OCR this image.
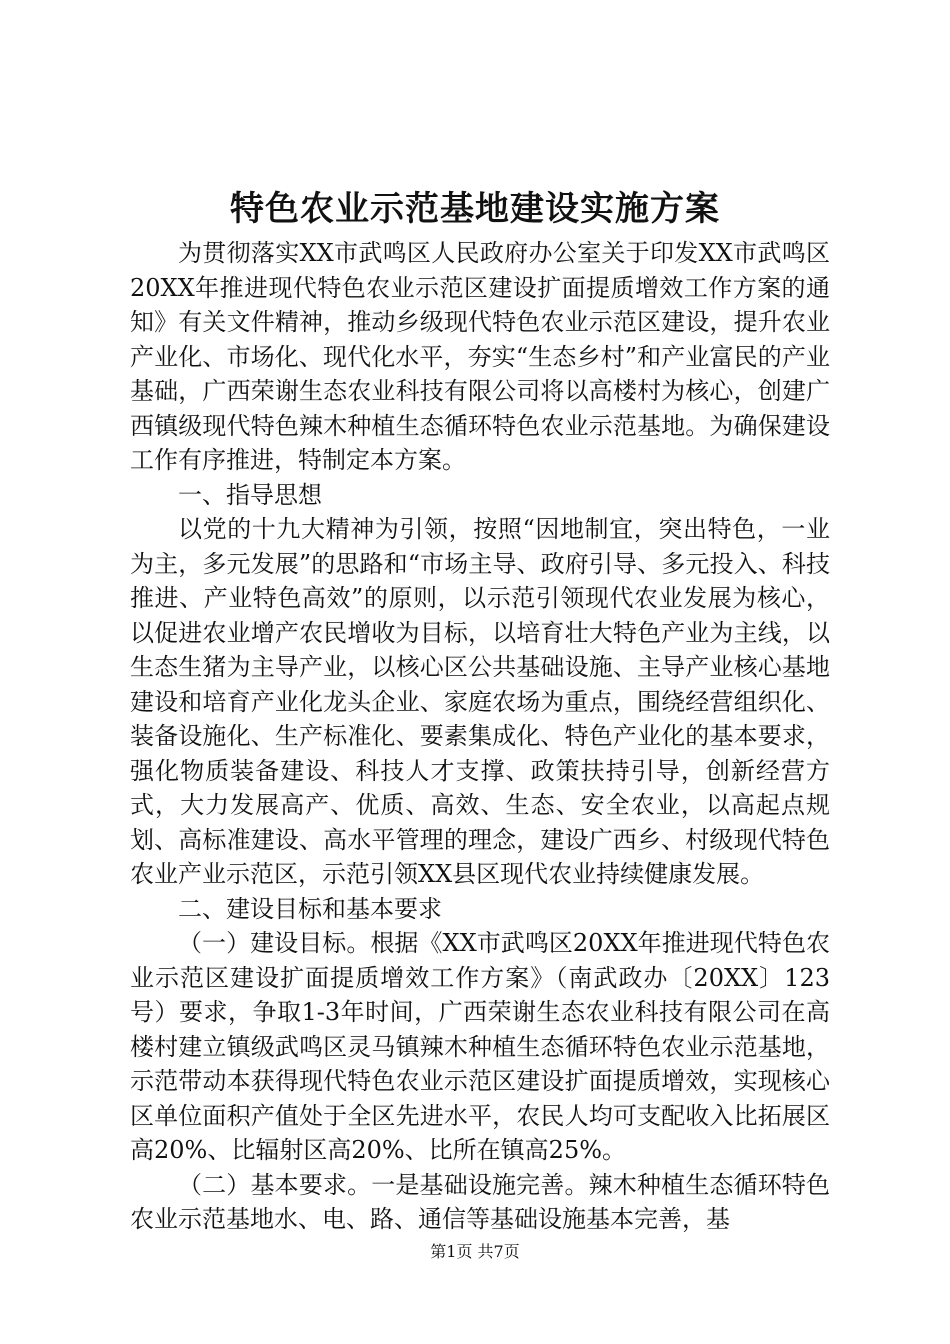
特色农业示范基地建设实施方案

为贯彻落实XX市武鸣区人民政府办公室关于印发XX市武鸣区20XX年推进现代特色农业示范区建设扩面提质增效工作方案的通知》有关文件精神，推动乡级现代特色农业示范区建设，提升农业产业化、市场化、现代化水平，夯实“生态乡村”和产业富民的产业基础，广西荣谢生态农业科技有限公司将以高楼村为核心，创建广西镇级现代特色辣木种植生态循环特色农业示范基地。为确保建设工作有序推进，特制定本方案。

一、指导思想

以党的十九大精神为引领，按照“因地制宜，突出特色，一业为主，多元发展”的思路和“市场主导、政府引导、多元投入、科技推进、产业特色高效”的原则，以示范引领现代农业发展为核心，以促进农业增产农民增收为目标，以培育壮大特色产业为主线，以生态生猪为主导产业，以核心区公共基础设施、主导产业核心基地建设和培育产业化龙头企业、家庭农场为重点，围绕经营组织化、装备设施化、生产标准化、要素集成化、特色产业化的基本要求，强化物质装备建设、科技人才支撑、政策扶持引导，创新经营方式，大力发展高产、优质、高效、生态、安全农业，以高起点规划、高标准建设、高水平管理的理念，建设广西乡、村级现代特色农业产业示范区，示范引领XX县区现代农业持续健康发展。

二、建设目标和基本要求

（一）建设目标。根据《XX市武鸣区20XX年推进现代特色农业示范区建设扩面提质增效工作方案》（南武政办〔20XX〕123号）要求，争取1-3年时间，广西荣谢生态农业科技有限公司在高楼村建立镇级武鸣区灵马镇辣木种植生态循环特色农业示范基地，示范带动本获得现代特色农业示范区建设扩面提质增效，实现核心区单位面积产值处于全区先进水平，农民人均可支配收入比拓展区高20%、比辐射区高20%、比所在镇高25%。

（二）基本要求。一是基础设施完善。辣木种植生态循环特色农业示范基地水、电、路、通信等基础设施基本完善，基

第1页 共7页
